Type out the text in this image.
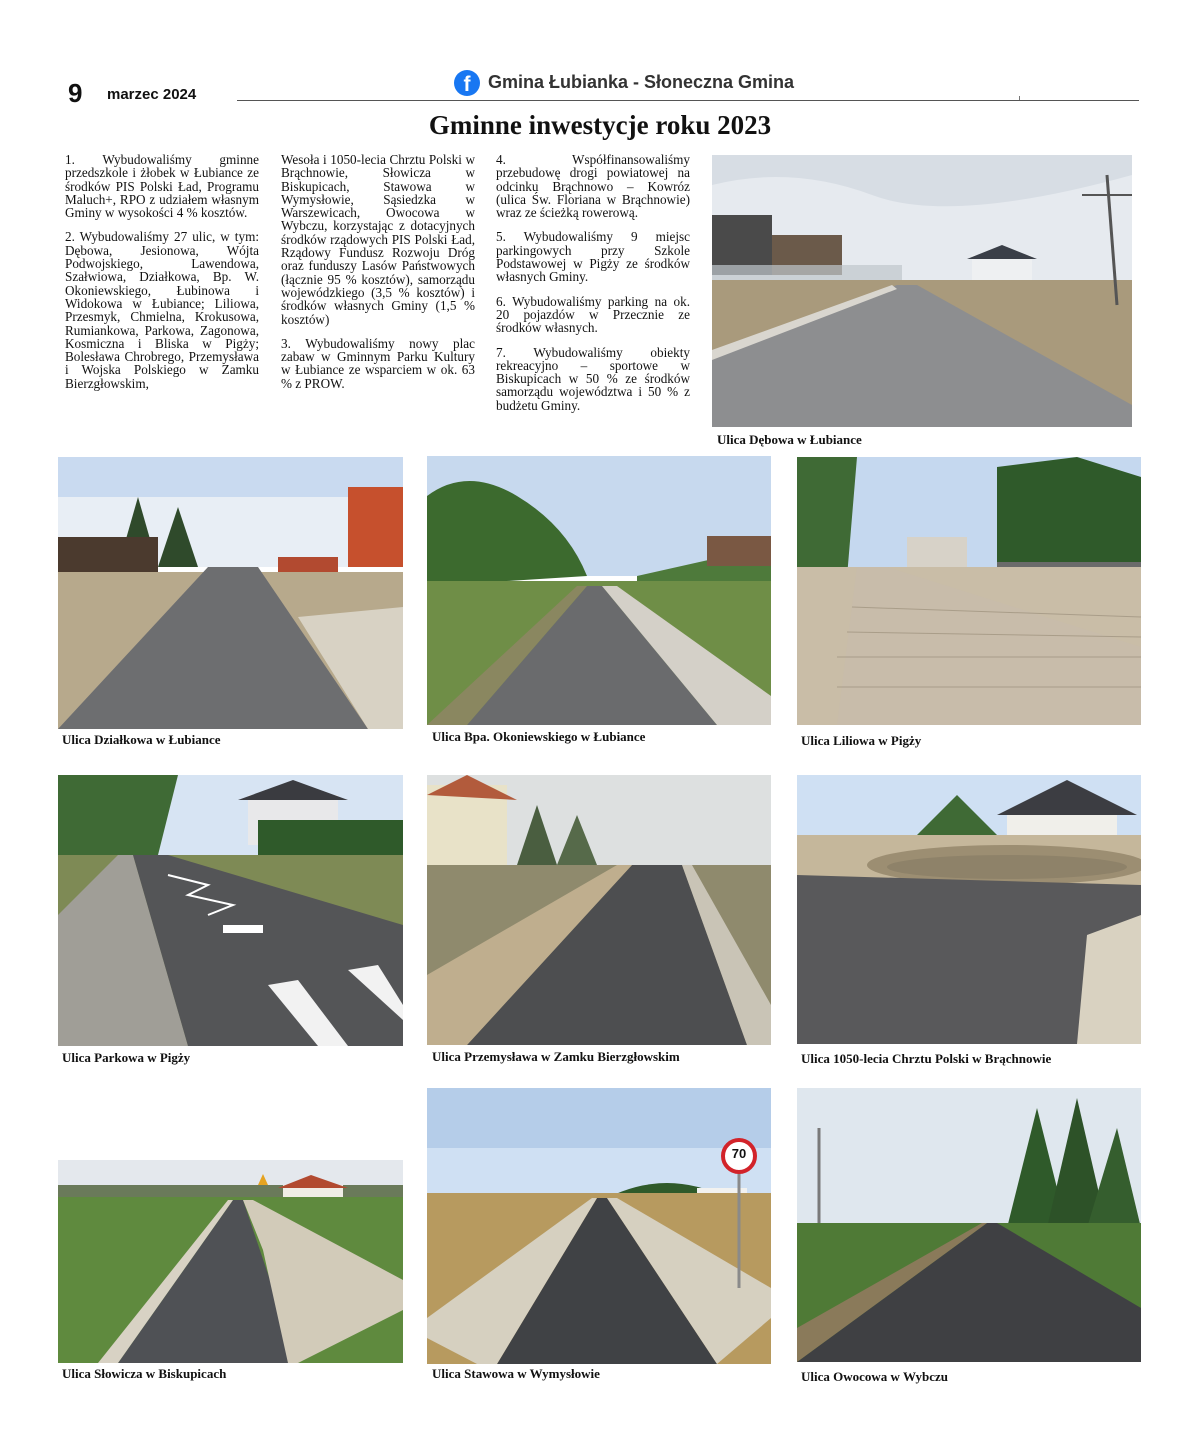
9 marzec 2024	f Gmina Łubianka - Słoneczna Gmina
Gminne inwestycje roku 2023

1. Wybudowaliśmy gminne przedszkole i żłobek w Łubiance ze środków PIS Polski Ład, Programu Maluch+, RPO z udziałem własnym Gminy w wysokości 4 % kosztów.

2. Wybudowaliśmy 27 ulic, w tym: Dębowa, Jesionowa, Wójta Podwojskiego, Lawendowa, Szałwiowa, Działkowa, Bp. W. Okoniewskiego, Łubinowa i Widokowa w Łubiance; Liliowa, Przesmyk, Chmielna, Krokusowa, Rumiankowa, Parkowa, Zagonowa, Kosmiczna i Bliska w Pigży; Bolesława Chrobrego, Przemysława i Wojska Polskiego w Zamku Bierzgłowskim,

Wesoła i 1050-lecia Chrztu Polski w Brąchnowie, Słowicza w Biskupicach, Stawowa w Wymysłowie, Sąsiedzka w Warszewicach, Owocowa w Wybczu, korzystając z dotacyjnych środków rządowych PIS Polski Ład, Rządowy Fundusz Rozwoju Dróg oraz funduszy Lasów Państwowych (łącznie 95 % kosztów), samorządu wojewódzkiego (3,5 % kosztów) i środków własnych Gminy (1,5 % kosztów)

3. Wybudowaliśmy nowy plac zabaw w Gminnym Parku Kultury w Łubiance ze wsparciem w ok. 63 % z PROW.

4. Współfinansowaliśmy przebudowę drogi powiatowej na odcinku Brąchnowo – Kowróz (ulica Św. Floriana w Brąchnowie) wraz ze ścieżką rowerową.

5. Wybudowaliśmy 9 miejsc parkingowych przy Szkole Podstawowej w Pigży ze środków własnych Gminy.

6. Wybudowaliśmy parking na ok. 20 pojazdów w Przecznie ze środków własnych.

7. Wybudowaliśmy obiekty rekreacyjno – sportowe w Biskupicach w 50 % ze środków samorządu województwa i 50 % z budżetu Gminy.

Ulica Dębowa w Łubiance
Ulica Działkowa w Łubiance	Ulica Bpa. Okoniewskiego w Łubiance	Ulica Liliowa w Pigży
Ulica Parkowa w Pigży	Ulica Przemysława w Zamku Bierzgłowskim	Ulica 1050-lecia Chrztu Polski w Brąchnowie
Ulica Słowicza w Biskupicach
70
Ulica Stawowa w Wymysłowie	Ulica Owocowa w Wybczu
